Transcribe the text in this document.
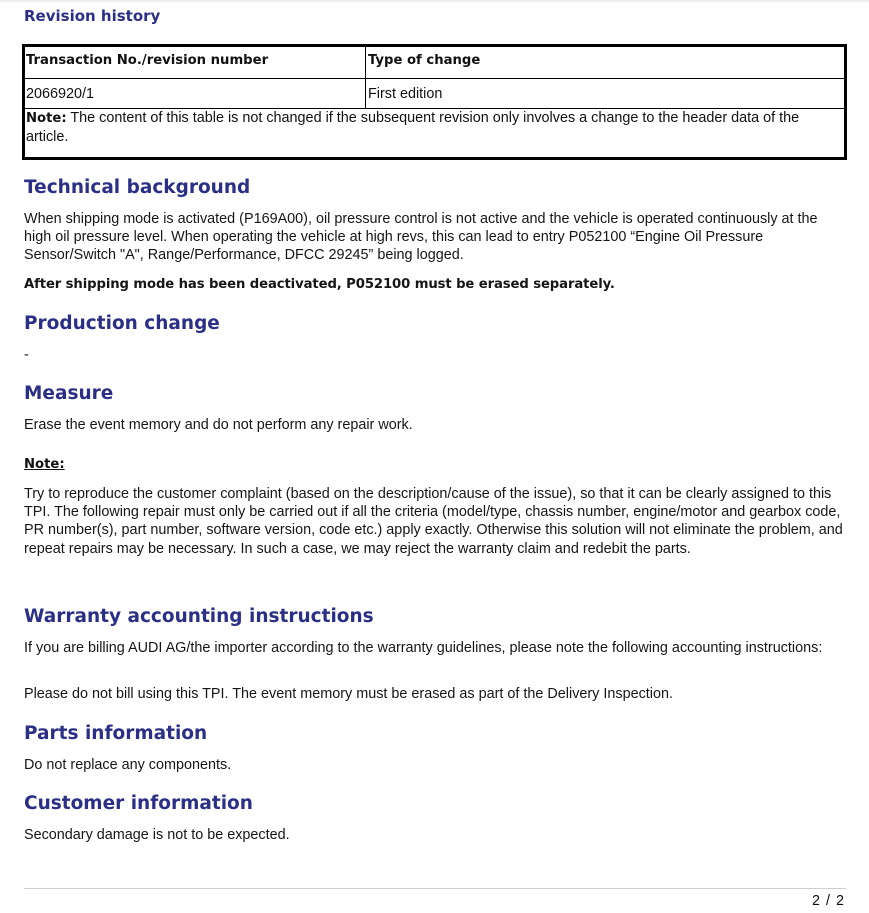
Revision history
Transaction No./revision number	Type of change
2066920/1	First edition
Note: The content of this table is not changed if the subsequent revision only involves a change to the header data of the article.
Technical background

When shipping mode is activated (P169A00), oil pressure control is not active and the vehicle is operated continuously at the high oil pressure level. When operating the vehicle at high revs, this can lead to entry P052100 “Engine Oil Pressure Sensor/Switch "A", Range/Performance, DFCC 29245” being logged.

After shipping mode has been deactivated, P052100 must be erased separately.

Production change

-

Measure

Erase the event memory and do not perform any repair work.

Note:

Try to reproduce the customer complaint (based on the description/cause of the issue), so that it can be clearly assigned to this TPI. The following repair must only be carried out if all the criteria (model/type, chassis number, engine/motor and gearbox code, PR number(s), part number, software version, code etc.) apply exactly. Otherwise this solution will not eliminate the problem, and repeat repairs may be necessary. In such a case, we may reject the warranty claim and redebit the parts.

Warranty accounting instructions

If you are billing AUDI AG/the importer according to the warranty guidelines, please note the following accounting instructions:

Please do not bill using this TPI. The event memory must be erased as part of the Delivery Inspection.

Parts information

Do not replace any components.

Customer information

Secondary damage is not to be expected.

2 / 2
